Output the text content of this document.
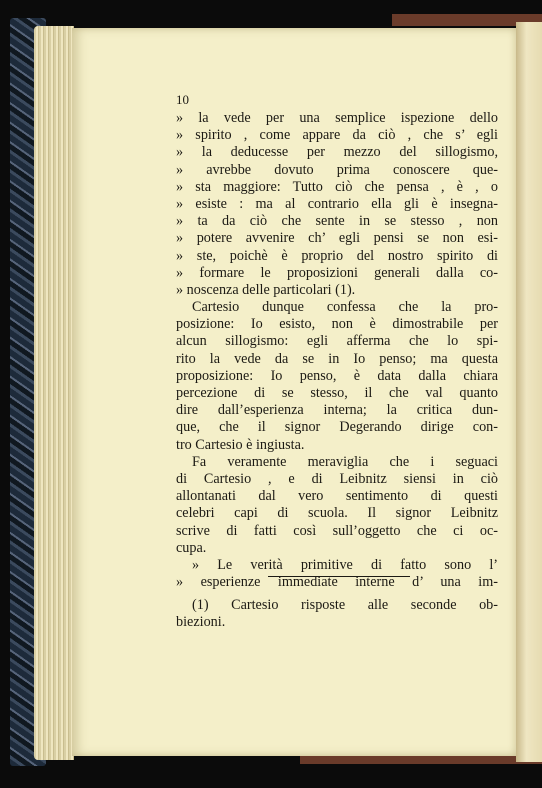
10
» la vede per una semplice ispezione dello
» spirito , come appare da ciò , che s’ egli
» la deducesse per mezzo del sillogismo,
» avrebbe dovuto prima conoscere que-
» sta maggiore: Tutto ciò che pensa , è , o
» esiste : ma al contrario ella gli è insegna-
» ta da ciò che sente in se stesso , non
» potere avvenire ch’ egli pensi se non esi-
» ste, poichè è proprio del nostro spirito di
» formare le proposizioni generali dalla co-
» noscenza delle particolari (1).
Cartesio dunque confessa che la pro-
posizione: Io esisto, non è dimostrabile per
alcun sillogismo: egli afferma che lo spi-
rito la vede da se in Io penso; ma questa
proposizione: Io penso, è data dalla chiara
percezione di se stesso, il che val quanto
dire dall’esperienza interna; la critica dun-
que, che il signor Degerando dirige con-
tro Cartesio è ingiusta.
Fa veramente meraviglia che i seguaci
di Cartesio , e di Leibnitz siensi in ciò
allontanati dal vero sentimento di questi
celebri capi di scuola. Il signor Leibnitz
scrive di fatti così sull’oggetto che ci oc-
cupa.
» Le verità primitive di fatto sono l’
» esperienze immediate interne d’ una im-
(1) Cartesio risposte alle seconde ob-
biezioni.
